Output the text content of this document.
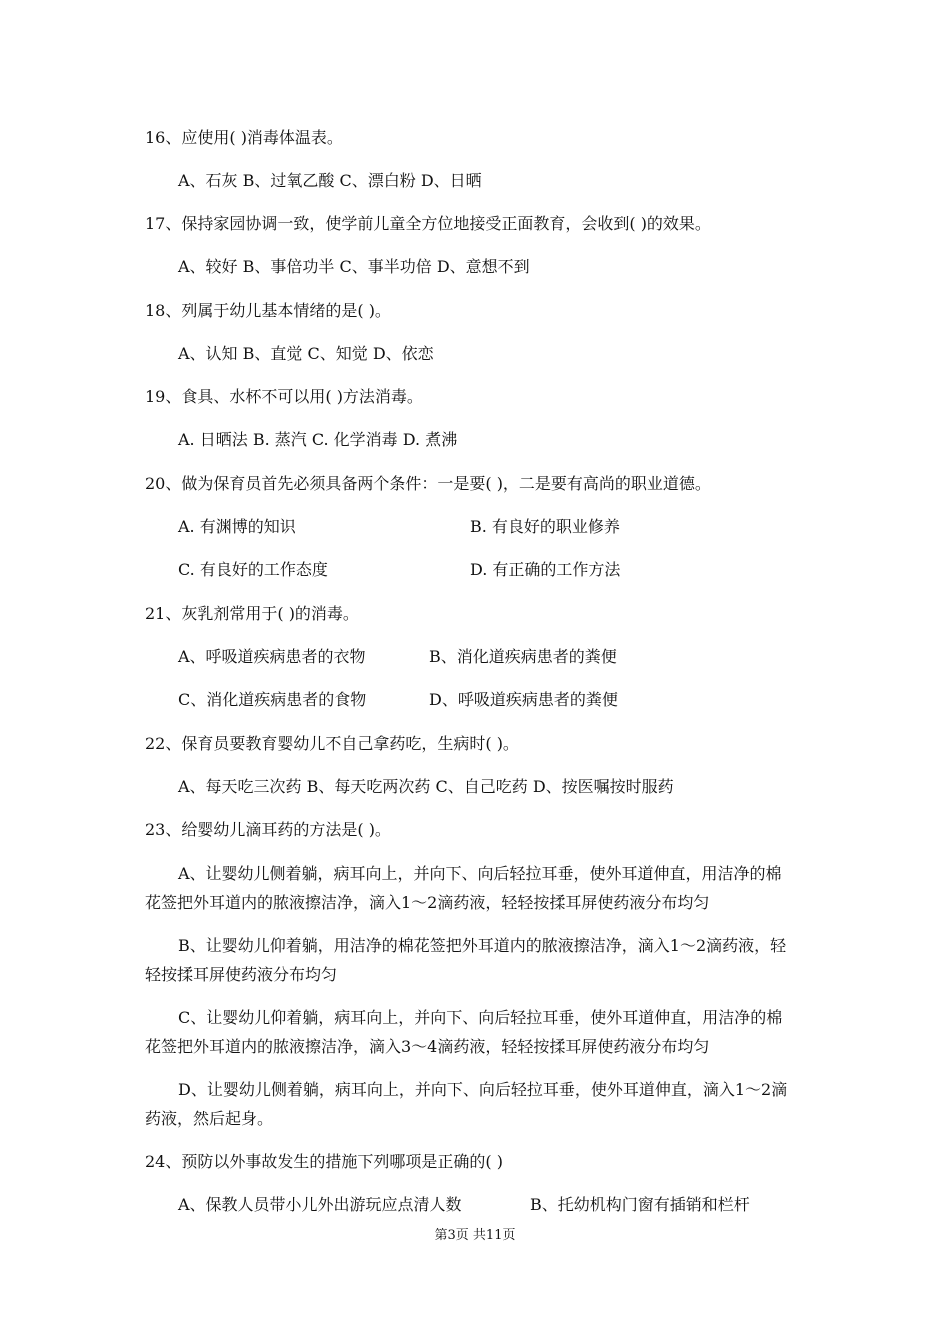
16、应使用( )消毒体温表。
A、石灰 B、过氧乙酸 C、漂白粉 D、日晒
17、保持家园协调一致，使学前儿童全方位地接受正面教育，会收到( )的效果。
A、较好 B、事倍功半 C、事半功倍 D、意想不到
18、列属于幼儿基本情绪的是( )。
A、认知 B、直觉 C、知觉 D、依恋
19、食具、水杯不可以用( )方法消毒。
A. 日晒法 B. 蒸汽 C. 化学消毒 D. 煮沸
20、做为保育员首先必须具备两个条件：一是要( )，二是要有高尚的职业道德。
A. 有渊博的知识	B. 有良好的职业修养
C. 有良好的工作态度	D. 有正确的工作方法
21、灰乳剂常用于( )的消毒。
A、呼吸道疾病患者的衣物	B、消化道疾病患者的粪便
C、消化道疾病患者的食物	D、呼吸道疾病患者的粪便
22、保育员要教育婴幼儿不自己拿药吃，生病时( )。
A、每天吃三次药 B、每天吃两次药 C、自己吃药 D、按医嘱按时服药
23、给婴幼儿滴耳药的方法是( )。
A、让婴幼儿侧着躺，病耳向上，并向下、向后轻拉耳垂，使外耳道伸直，用洁净的棉
花签把外耳道内的脓液擦洁净，滴入1～2滴药液，轻轻按揉耳屏使药液分布均匀
B、让婴幼儿仰着躺，用洁净的棉花签把外耳道内的脓液擦洁净，滴入1～2滴药液，轻
轻按揉耳屏使药液分布均匀
C、让婴幼儿仰着躺，病耳向上，并向下、向后轻拉耳垂，使外耳道伸直，用洁净的棉
花签把外耳道内的脓液擦洁净，滴入3～4滴药液，轻轻按揉耳屏使药液分布均匀
D、让婴幼儿侧着躺，病耳向上，并向下、向后轻拉耳垂，使外耳道伸直，滴入1～2滴
药液，然后起身。
24、预防以外事故发生的措施下列哪项是正确的( )
A、保教人员带小儿外出游玩应点清人数	B、托幼机构门窗有插销和栏杆
第3页 共11页
